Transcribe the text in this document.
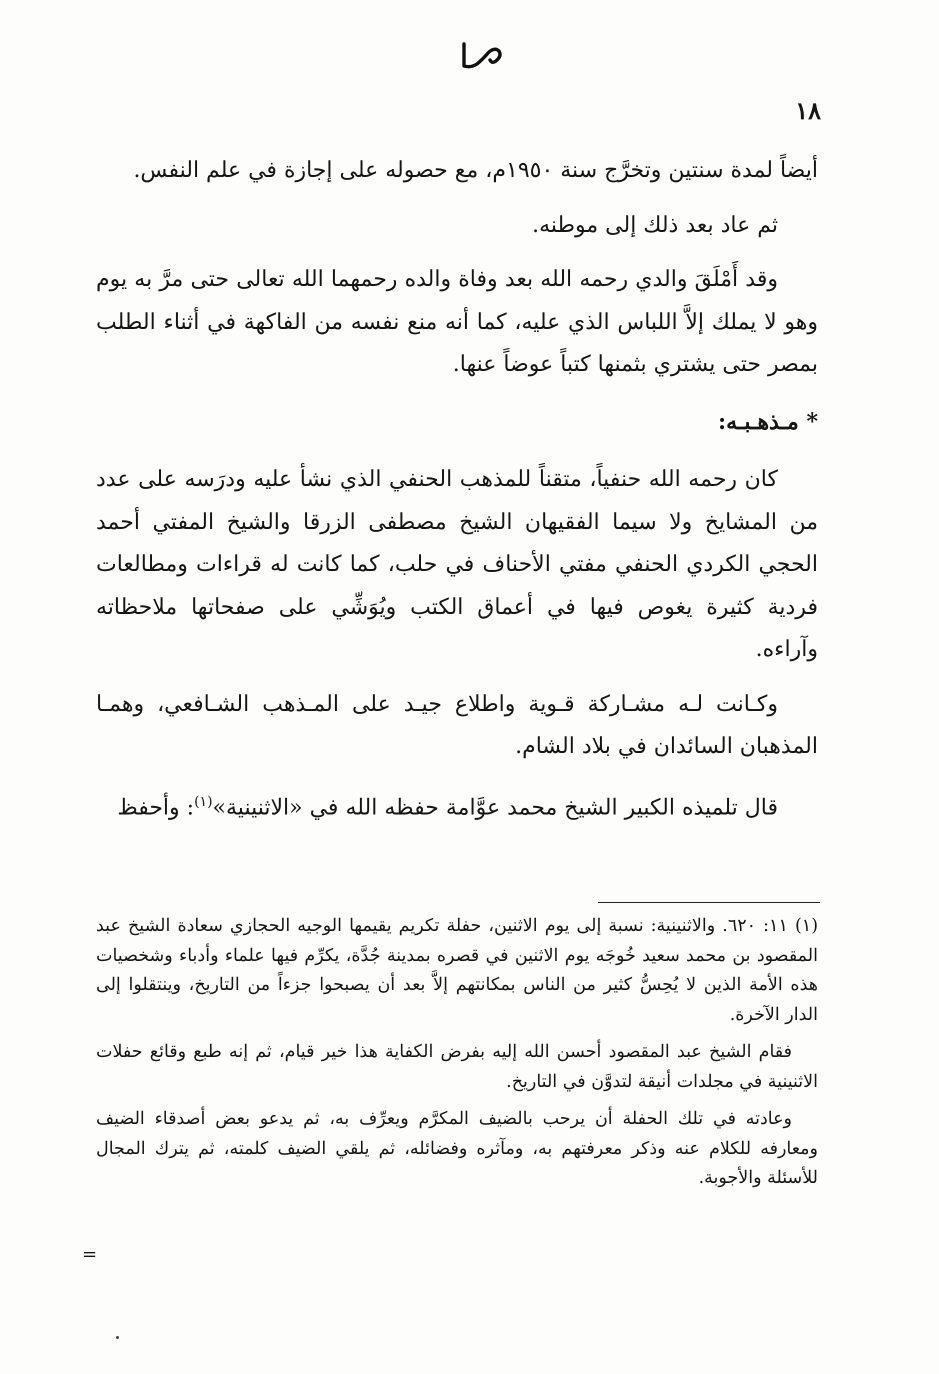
١٨

أيضاً لمدة سنتين وتخرَّج سنة ١٩٥٠م، مع حصوله على إجازة في علم النفس.

ثم عاد بعد ذلك إلى موطنه.

وقد أَمْلَقَ والدي رحمه الله بعد وفاة والده رحمهما الله تعالى حتى مرَّ به يوم وهو لا يملك إلاَّ اللباس الذي عليه، كما أنه منع نفسه من الفاكهة في أثناء الطلب بمصر حتى يشتري بثمنها كتباً عوضاً عنها.

* مـذهـبـه:

كان رحمه الله حنفياً، متقناً للمذهب الحنفي الذي نشأ عليه ودرَسه على عدد من المشايخ ولا سيما الفقيهان الشيخ مصطفى الزرقا والشيخ المفتي أحمد الحجي الكردي الحنفي مفتي الأحناف في حلب، كما كانت له قراءات ومطالعات فردية كثيرة يغوص فيها في أعماق الكتب ويُوَشِّي على صفحاتها ملاحظاته وآراءه.

وكـانت لـه مشـاركة قـوية واطلاع جيـد على المـذهب الشـافعي، وهمـا المذهبان السائدان في بلاد الشام.

قال تلميذه الكبير الشيخ محمد عوَّامة حفظه الله في «الاثنينية»$^{(١)}$: وأحفظ

(١) ١١: ٦٢٠. والاثنينية: نسبة إلى يوم الاثنين، حفلة تكريم يقيمها الوجيه الحجازي سعادة الشيخ عبد المقصود بن محمد سعيد خُوجَه يوم الاثنين في قصره بمدينة جُدَّة، يكرِّم فيها علماء وأدباء وشخصيات هذه الأمة الذين لا يُحِسُّ كثير من الناس بمكانتهم إلاَّ بعد أن يصبحوا جزءاً من التاريخ، وينتقلوا إلى الدار الآخرة.

فقام الشيخ عبد المقصود أحسن الله إليه بفرض الكفاية هذا خير قيام، ثم إنه طبع وقائع حفلات الاثنينية في مجلدات أنيقة لتدوَّن في التاريخ.

وعادته في تلك الحفلة أن يرحب بالضيف المكرَّم ويعرِّف به، ثم يدعو بعض أصدقاء الضيف ومعارفه للكلام عنه وذكر معرفتهم به، ومآثره وفضائله، ثم يلقي الضيف كلمته، ثم يترك المجال للأسئلة والأجوبة.

=
